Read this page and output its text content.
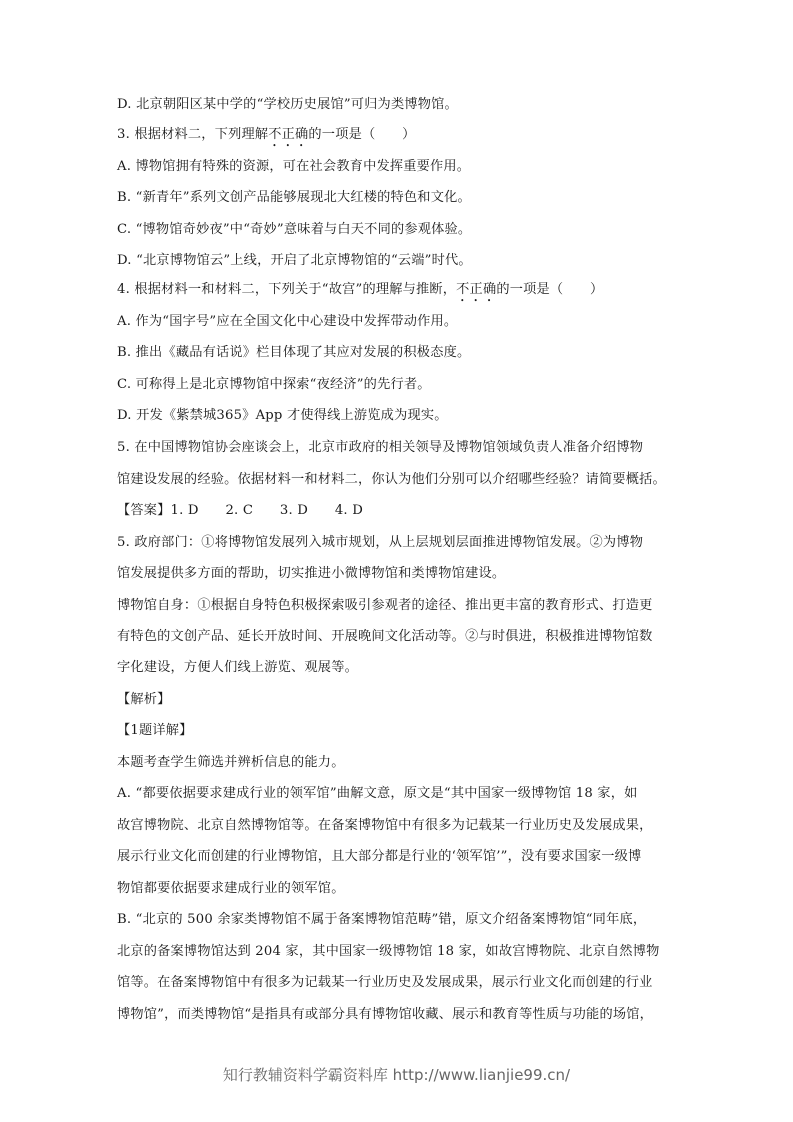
D. 北京朝阳区某中学的“学校历史展馆”可归为类博物馆。
3. 根据材料二，下列理解不正确的一项是（　　）
A. 博物馆拥有特殊的资源，可在社会教育中发挥重要作用。
B. “新青年”系列文创产品能够展现北大红楼的特色和文化。
C. “博物馆奇妙夜”中“奇妙”意味着与白天不同的参观体验。
D. “北京博物馆云”上线，开启了北京博物馆的“云端”时代。
4. 根据材料一和材料二，下列关于“故宫”的理解与推断，不正确的一项是（　　）
A. 作为“国字号”应在全国文化中心建设中发挥带动作用。
B. 推出《藏品有话说》栏目体现了其应对发展的积极态度。
C. 可称得上是北京博物馆中探索“夜经济”的先行者。
D. 开发《紫禁城365》App 才使得线上游览成为现实。
5. 在中国博物馆协会座谈会上，北京市政府的相关领导及博物馆领域负责人准备介绍博物
馆建设发展的经验。依据材料一和材料二，你认为他们分别可以介绍哪些经验？请简要概括。
【答案】1. D　　2. C　　3. D　　4. D
5. 政府部门：①将博物馆发展列入城市规划，从上层规划层面推进博物馆发展。②为博物
馆发展提供多方面的帮助，切实推进小微博物馆和类博物馆建设。
博物馆自身：①根据自身特色积极探索吸引参观者的途径、推出更丰富的教育形式、打造更
有特色的文创产品、延长开放时间、开展晚间文化活动等。②与时俱进，积极推进博物馆数
字化建设，方便人们线上游览、观展等。
【解析】
【1题详解】
本题考查学生筛选并辨析信息的能力。
A. “都要依据要求建成行业的领军馆”曲解文意，原文是“其中国家一级博物馆 18 家，如
故宫博物院、北京自然博物馆等。在备案博物馆中有很多为记载某一行业历史及发展成果，
展示行业文化而创建的行业博物馆，且大部分都是行业的‘领军馆’”，没有要求国家一级博
物馆都要依据要求建成行业的领军馆。
B. “北京的 500 余家类博物馆不属于备案博物馆范畴”错，原文介绍备案博物馆“同年底，
北京的备案博物馆达到 204 家，其中国家一级博物馆 18 家，如故宫博物院、北京自然博物
馆等。在备案博物馆中有很多为记载某一行业历史及发展成果，展示行业文化而创建的行业
博物馆”，而类博物馆“是指具有或部分具有博物馆收藏、展示和教育等性质与功能的场馆，
知行教辅资料学霸资料库 http://www.lianjie99.cn/
